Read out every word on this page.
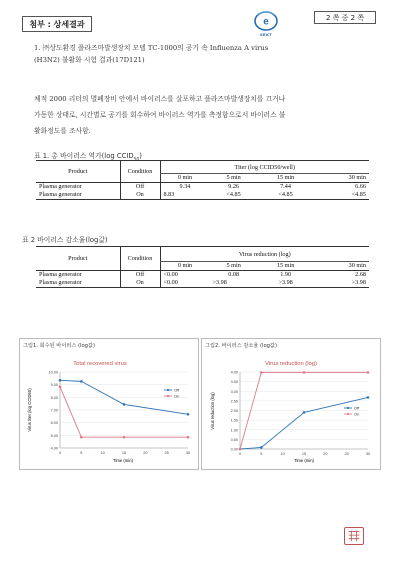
첨부 : 상세결과	e
KRICT
2 쪽 중 2 쪽
1. ㈜상도환경 플라즈마발생장치 모델 TC-1000의 공기 속 Influenza A virus
(H3N2) 불활화 시험 결과(17D121)
체적 2000 리터의 멸폐장비 안에서 바이러스를 살포하고 플라즈마발생장치를 끄거나
가동한 상태로, 시간별로 공기를 회수하여 바이러스 역가를 측정함으로서 바이러스 불
활화정도를 조사함.
표 1. 총 바이러스 역가(log $CCID_{50}$)
Product	Condition	Titer (log CCID50/well)			
		0 min	5 min	15 min	30 min
Plasma generator	Off	9.34	9.26	7.44	6.66
Plasma generator	On	8.83	<4.85	<4.85	<4.85
표 2 바이러스 감소율(log값)
Product	Condition	Virus reduction (log)			
		0 min	5 min	15 min	30 min
Plasma generator	Off	<0.00	0.08	1.90	2.68
Plasma generator	On	<0.00	>3.98	>3.98	>3.98
그림1. 회수된 바이러스 (log값)
Total recovered virus
Virus titer (log CCID50)
Time (min)
4.00
5.00
6.00
7.00
8.00
9.00
10.00
0	5	10	15	20	25	30
Off
On
그림2. 바이러스 감소율 (log값)
Virus reduction (log)
Virus reduction (log)
Time (min)
0.00
0.50
1.00
1.50
2.00
2.50
3.00
3.50
4.00
0	5	10	15	20	25	30
Off
On
